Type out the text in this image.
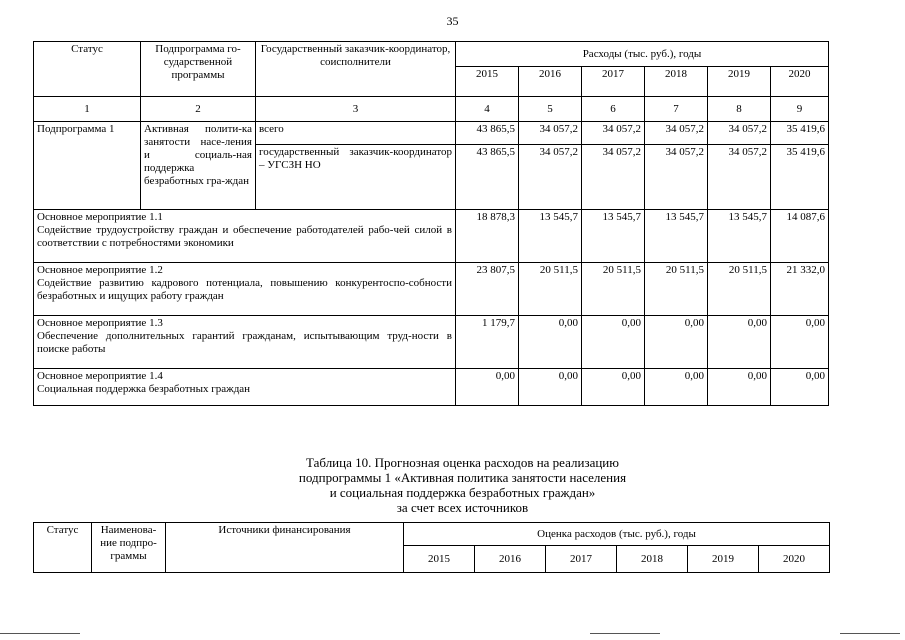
35
Статус	Подпрограмма го-сударственной программы	Государственный заказчик-координатор, соисполнители	Расходы (тыс. руб.), годы					
			2015	2016	2017	2018	2019	2020
1	2	3	4	5	6	7	8	9
Подпрограмма 1	Активная полити-ка занятости насе-ления и социаль-ная поддержка безработных гра-ждан	всего	43 865,5	34 057,2	34 057,2	34 057,2	34 057,2	35 419,6
		государственный заказчик-координатор – УГСЗН НО	43 865,5	34 057,2	34 057,2	34 057,2	34 057,2	35 419,6

Основное мероприятие 1.1
Содействие трудоустройству граждан и обеспечение работодателей рабо-чей силой в соответствии с потребностями экономики			18 878,3	13 545,7	13 545,7	13 545,7	13 545,7	14 087,6

Основное мероприятие 1.2
Содействие развитию кадрового потенциала, повышению конкурентоспо-собности безработных и ищущих работу граждан			23 807,5	20 511,5	20 511,5	20 511,5	20 511,5	21 332,0

Основное мероприятие 1.3
Обеспечение дополнительных гарантий гражданам, испытывающим труд-ности в поиске работы			1 179,7	0,00	0,00	0,00	0,00	0,00

Основное мероприятие 1.4
Социальная поддержка безработных граждан			0,00	0,00	0,00	0,00	0,00	0,00
Таблица 10. Прогнозная оценка расходов на реализацию
подпрограммы 1 «Активная политика занятости населения
и социальная поддержка безработных граждан»
за счет всех источников
Статус	Наименова-ние подпро-граммы	Источники финансирования	Оценка расходов (тыс. руб.), годы					
			2015	2016	2017	2018	2019	2020
